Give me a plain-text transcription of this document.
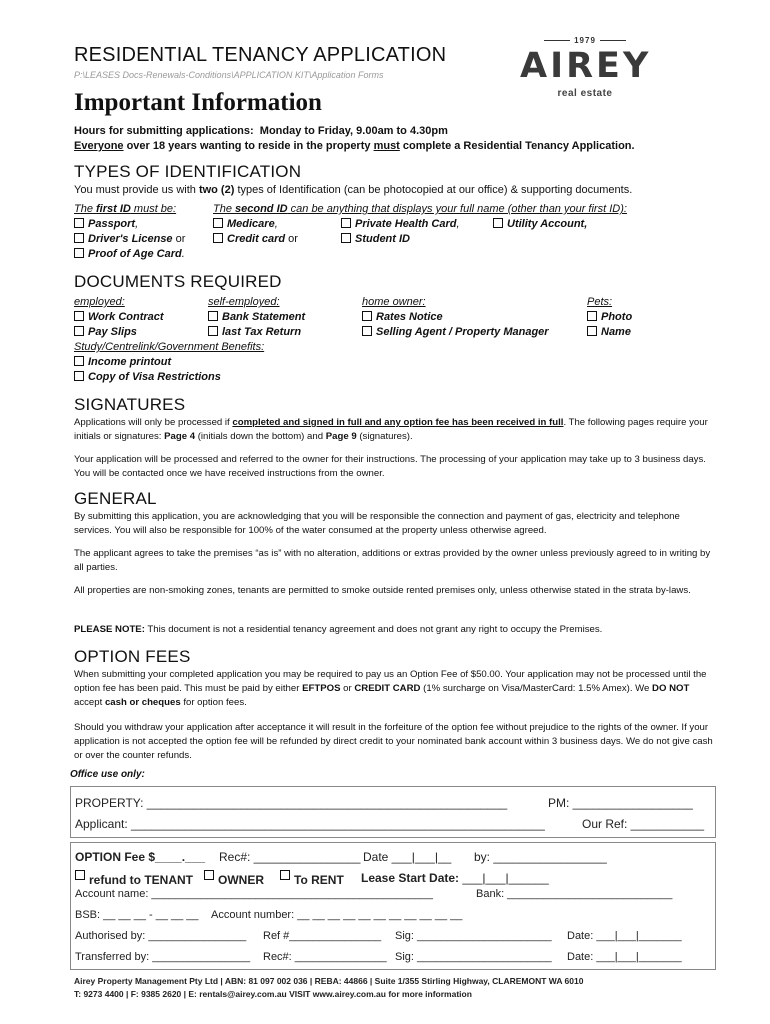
RESIDENTIAL TENANCY APPLICATION
P:\LEASES Docs-Renewals-Conditions\APPLICATION KIT\Application Forms
Important Information
1979
AIREY
real estate
Hours for submitting applications: Monday to Friday, 9.00am to 4.30pm
Everyone over 18 years wanting to reside in the property must complete a Residential Tenancy Application.
TYPES OF IDENTIFICATION
You must provide us with two (2) types of Identification (can be photocopied at our office) & supporting documents.
The first ID must be:	The second ID can be anything that displays your full name (other than your first ID):
Passport,
Driver's License or
Proof of Age Card.
Medicare,
Credit card or
Private Health Card,
Student ID
Utility Account,
DOCUMENTS REQUIRED
employed:
Work Contract
Pay Slips
self-employed:
Bank Statement
last Tax Return
home owner:
Rates Notice
Selling Agent / Property Manager
Pets:
Photo
Name
Study/Centrelink/Government Benefits:
Income printout
Copy of Visa Restrictions
SIGNATURES
Applications will only be processed if completed and signed in full and any option fee has been received in full. The following pages require your initials or signatures: Page 4 (initials down the bottom) and Page 9 (signatures).
Your application will be processed and referred to the owner for their instructions. The processing of your application may take up to 3 business days. You will be contacted once we have received instructions from the owner.
GENERAL
By submitting this application, you are acknowledging that you will be responsible the connection and payment of gas, electricity and telephone services. You will also be responsible for 100% of the water consumed at the property unless otherwise agreed.
The applicant agrees to take the premises “as is” with no alteration, additions or extras provided by the owner unless previously agreed to in writing by all parties.
All properties are non-smoking zones, tenants are permitted to smoke outside rented premises only, unless otherwise stated in the strata by-laws.
PLEASE NOTE: This document is not a residential tenancy agreement and does not grant any right to occupy the Premises.
OPTION FEES
When submitting your completed application you may be required to pay us an Option Fee of $50.00. Your application may not be processed until the option fee has been paid. This must be paid by either EFTPOS or CREDIT CARD (1% surcharge on Visa/MasterCard: 1.5% Amex). We DO NOT accept cash or cheques for option fees.
Should you withdraw your application after acceptance it will result in the forfeiture of the option fee without prejudice to the rights of the owner. If your application is not accepted the option fee will be refunded by direct credit to your nominated bank account within 3 business days. We do not give cash or over the counter refunds.
Office use only:
PROPERTY: ______________________________________________________	PM: __________________
Applicant: ______________________________________________________________	Our Ref: ___________
OPTION Fee $____.___ Rec#: ________________ Date ___|___|__ by: _________________
refund to TENANT	OWNER	To RENT Lease Start Date: ___|___|______
Account name: ______________________________________________	Bank: ___________________________
BSB: __ __ __ - __ __ __ Account number: __ __ __ __ __ __ __ __ __ __ __
Authorised by: ________________ Ref #_______________ Sig: ______________________ Date: ___|___|_______
Transferred by: ________________ Rec#: _______________ Sig: ______________________ Date: ___|___|_______
Airey Property Management Pty Ltd | ABN: 81 097 002 036 | REBA: 44866 | Suite 1/355 Stirling Highway, CLAREMONT WA 6010
T: 9273 4400 | F: 9385 2620 | E: rentals@airey.com.au VISIT www.airey.com.au for more information
